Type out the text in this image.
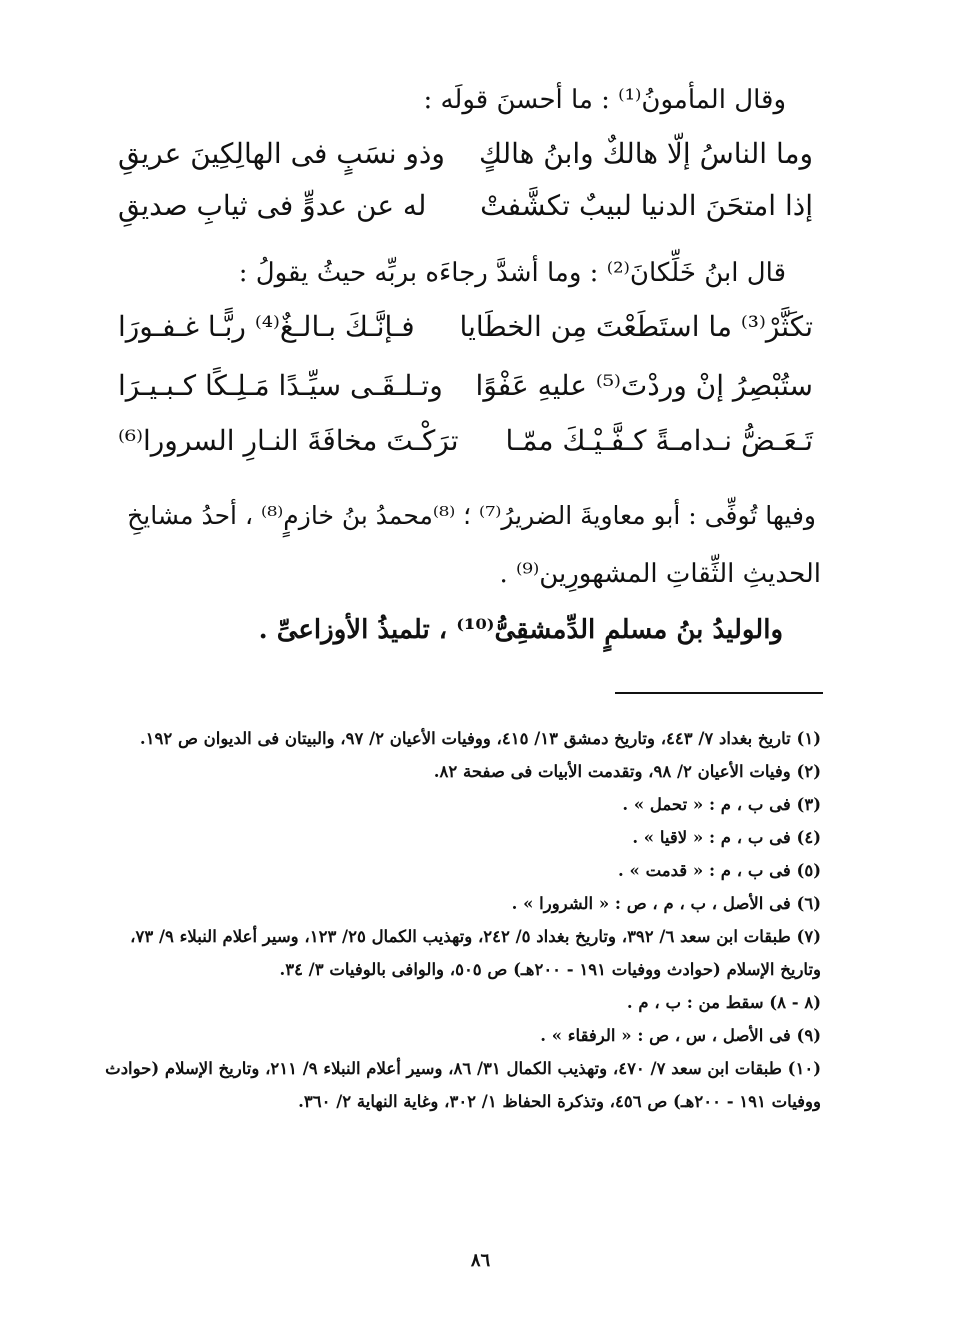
وقال المأمونُ⁽¹⁾ : ما أحسنَ قولَه :
وما الناسُ إلّا هالكٌ وابنُ هالكٍ
وذو نسَبٍ فى الهالِكِينَ عريقِ
إذا امتحَنَ الدنيا لبيبٌ تكشَّفتْ
له عن عدوٍّ فى ثيابِ صديقِ
قال ابنُ خَلِّكانَ⁽²⁾ : وما أشدَّ رجاءَه بربِّه حيثُ يقولُ :
تكَثَّرْ⁽³⁾ ما استَطَعْتَ مِن الخطَايا
فـإنَّـكَ بـالـغٌ⁽⁴⁾ ربًّـا غـفـورَا
ستُبْصِرُ إنْ وردْتَ⁽⁵⁾ عليهِ عَفْوًا
وتـلـقَـى سيِّـدًا مَـلِـكًا كـبـيـرَا
تَـعَـضُّ نـدامـةً كـفَّـيْـكَ ممّـا
ترَكْـتَ مخافَةَ النـارِ السرورا⁽⁶⁾
وفيها تُوفِّى : أبو معاويةَ الضريرُ⁽⁷⁾ ؛ ⁽⁸⁾محمدُ بنُ خازمٍ⁽⁸⁾ ، أحدُ مشايخِ
الحديثِ الثِّقاتِ المشهورِين⁽⁹⁾ .
والوليدُ بنُ مسلمٍ الدِّمشقِىُّ⁽¹⁰⁾ ، تلميذُ الأوزاعىِّ .
(١) تاريخ بغداد ٧/ ٤٤٣، وتاريخ دمشق ١٣/ ٤١٥، ووفيات الأعيان ٢/ ٩٧، والبيتان فى الديوان ص ١٩٢.
(٢) وفيات الأعيان ٢/ ٩٨، وتقدمت الأبيات فى صفحة ٨٢.
(٣) فى ب ، م : « تحمل » .
(٤) فى ب ، م : « لاقيا » .
(٥) فى ب ، م : « قدمت » .
(٦) فى الأصل ، ب ، م ، ص : « الشرورا » .
(٧) طبقات ابن سعد ٦/ ٣٩٢، وتاريخ بغداد ٥/ ٢٤٢، وتهذيب الكمال ٢٥/ ١٢٣، وسير أعلام النبلاء ٩/ ٧٣، وتاريخ الإسلام (حوادث ووفيات ١٩١ - ٢٠٠هـ) ص ٥٠٥، والوافى بالوفيات ٣/ ٣٤.
(٨ - ٨) سقط من : ب ، م .
(٩) فى الأصل ، س ، ص : « الرفقاء » .
(١٠) طبقات ابن سعد ٧/ ٤٧٠، وتهذيب الكمال ٣١/ ٨٦، وسير أعلام النبلاء ٩/ ٢١١، وتاريخ الإسلام (حوادث ووفيات ١٩١ - ٢٠٠هـ) ص ٤٥٦، وتذكرة الحفاظ ١/ ٣٠٢، وغاية النهاية ٢/ ٣٦٠.
٨٦
